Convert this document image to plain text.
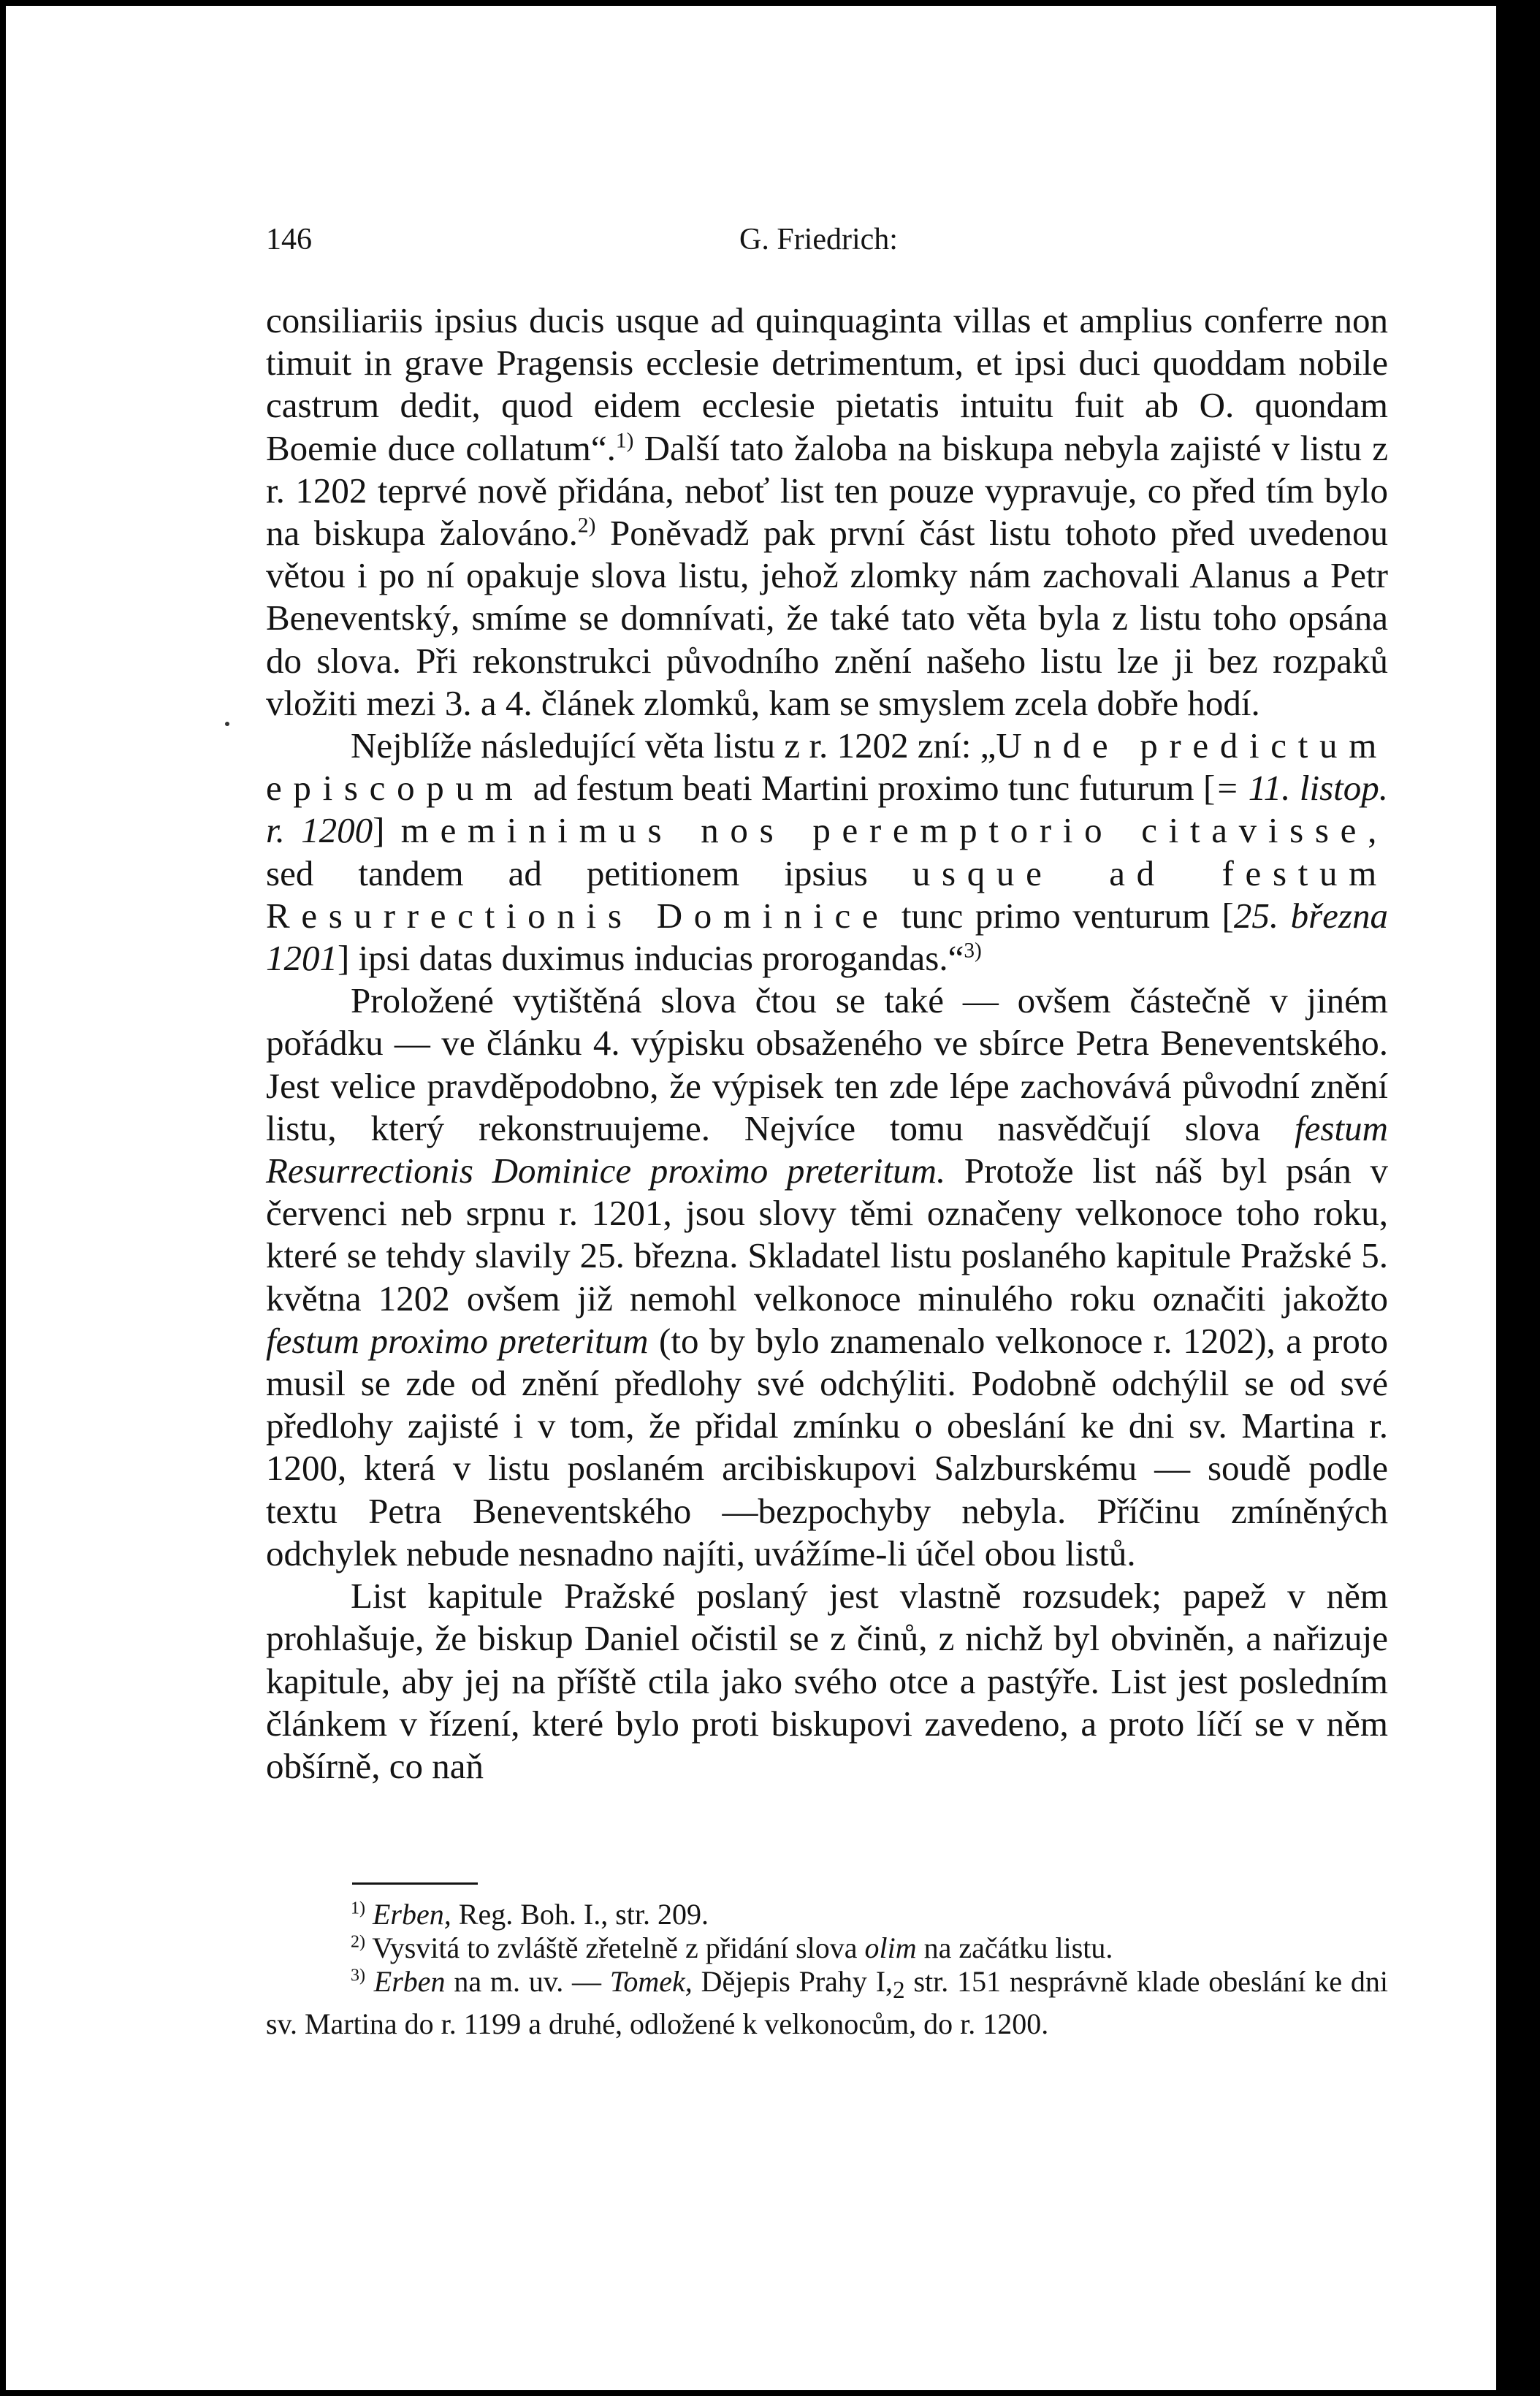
146	G. Friedrich:

consiliariis ipsius ducis usque ad quinquaginta villas et amplius conferre non timuit in grave Pragensis ecclesie detrimentum, et ipsi duci quoddam nobile castrum dedit, quod eidem ecclesie pietatis intuitu fuit ab O. quondam Boemie duce collatum“.$^{1)}$ Další tato žaloba na biskupa nebyla zajisté v listu z r. 1202 teprvé nově přidána, neboť list ten pouze vypravuje, co před tím bylo na biskupa žalováno.$^{2)}$ Poněvadž pak první část listu tohoto před uvedenou větou i po ní opakuje slova listu, jehož zlomky nám zachovali Alanus a Petr Beneventský, smíme se domnívati, že také tato věta byla z listu toho opsána do slova. Při rekonstrukci původního znění našeho listu lze ji bez rozpaků vložiti mezi 3. a 4. článek zlomků, kam se smyslem zcela dobře hodí.

Nejblíže následující věta listu z r. 1202 zní: „Unde predictum episcopum ad festum beati Martini proximo tunc futurum [= 11. listop. r. 1200] meminimus nos peremptorio citavisse, sed tandem ad petitionem ipsius usque ad festum Resurrectionis Dominice tunc primo venturum [25. března 1201] ipsi datas duximus inducias prorogandas.“$^{3)}$

Proložené vytištěná slova čtou se také — ovšem částečně v jiném pořádku — ve článku 4. výpisku obsaženého ve sbírce Petra Beneventského. Jest velice pravděpodobno, že výpisek ten zde lépe zachovává původní znění listu, který rekonstruujeme. Nejvíce tomu nasvědčují slova festum Resurrectionis Dominice proximo preteritum. Protože list náš byl psán v červenci neb srpnu r. 1201, jsou slovy těmi označeny velkonoce toho roku, které se tehdy slavily 25. března. Skladatel listu poslaného kapitule Pražské 5. května 1202 ovšem již nemohl velkonoce minulého roku označiti jakožto festum proximo preteritum (to by bylo znamenalo velkonoce r. 1202), a proto musil se zde od znění předlohy své odchýliti. Podobně odchýlil se od své předlohy zajisté i v tom, že přidal zmínku o obeslání ke dni sv. Martina r. 1200, která v listu poslaném arcibiskupovi Salzburskému — soudě podle textu Petra Beneventského —bezpochyby nebyla. Příčinu zmíněných odchylek nebude nesnadno najíti, uvážíme-li účel obou listů.

List kapitule Pražské poslaný jest vlastně rozsudek; papež v něm prohlašuje, že biskup Daniel očistil se z činů, z nichž byl obviněn, a nařizuje kapitule, aby jej na příště ctila jako svého otce a pastýře. List jest posledním článkem v řízení, které bylo proti biskupovi zavedeno, a proto líčí se v něm obšírně, co naň

$^{1)}$ Erben, Reg. Boh. I., str. 209.

$^{2)}$ Vysvitá to zvláště zřetelně z přidání slova olim na začátku listu.

$^{3)}$ Erben na m. uv. — Tomek, Dějepis Prahy $I,_2$ str. 151 nesprávně klade obeslání ke dni sv. Martina do r. 1199 a druhé, odložené k velkonocům, do r. 1200.
